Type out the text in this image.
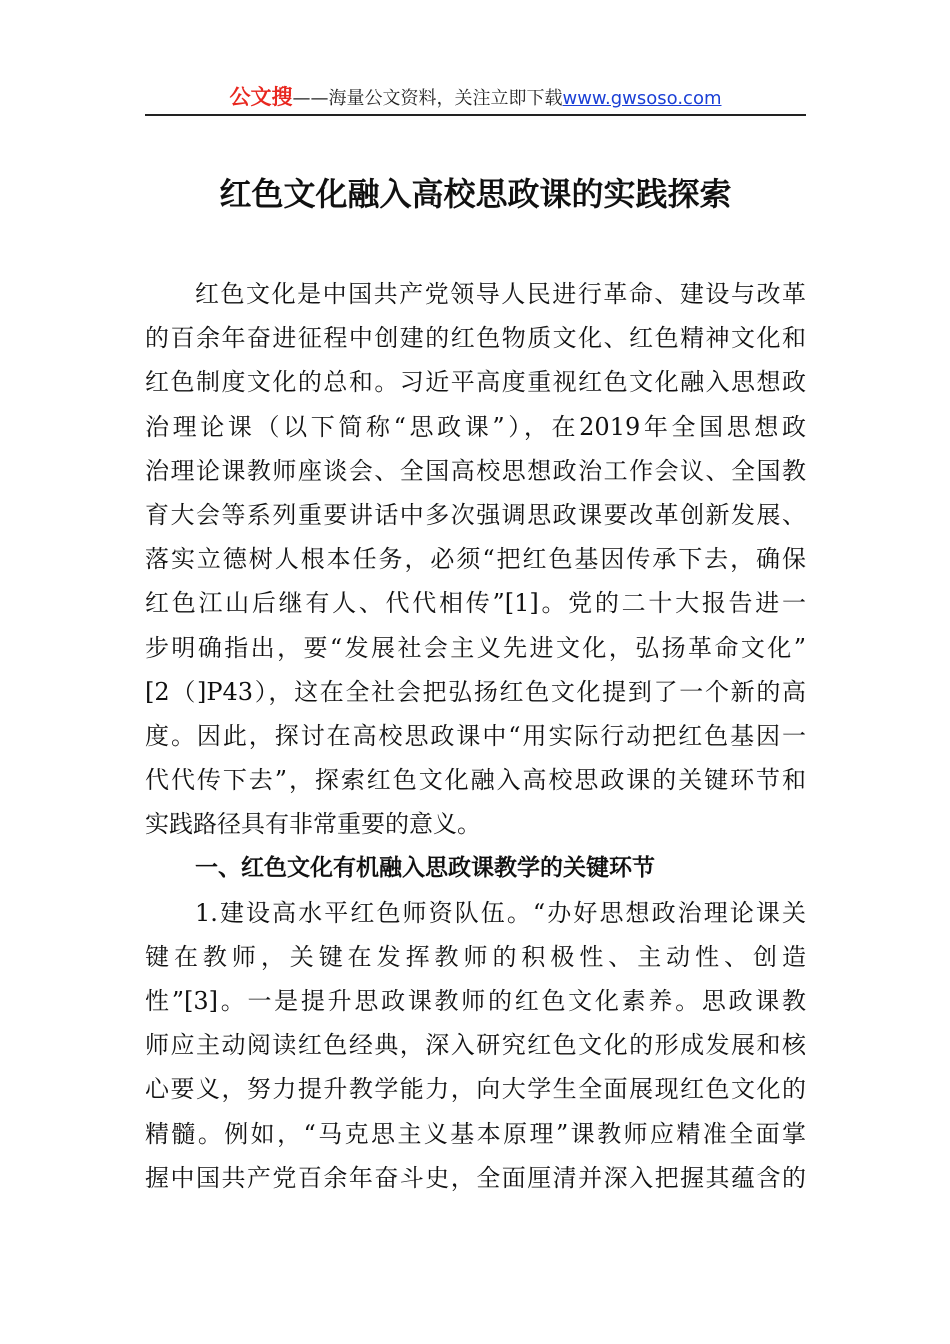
公文搜——海量公文资料，关注立即下载www.gwsoso.com
红色文化融入高校思政课的实践探索
红色文化是中国共产党领导人民进行革命、建设与改革
的百余年奋进征程中创建的红色物质文化、红色精神文化和
红色制度文化的总和。习近平高度重视红色文化融入思想政
治理论课（以下简称“思政课”），在2019年全国思想政
治理论课教师座谈会、全国高校思想政治工作会议、全国教
育大会等系列重要讲话中多次强调思政课要改革创新发展、
落实立德树人根本任务，必须“把红色基因传承下去，确保
红色江山后继有人、代代相传”[1]。党的二十大报告进一
步明确指出，要“发展社会主义先进文化，弘扬革命文化”
[2（]P43），这在全社会把弘扬红色文化提到了一个新的高
度。因此，探讨在高校思政课中“用实际行动把红色基因一
代代传下去”，探索红色文化融入高校思政课的关键环节和
实践路径具有非常重要的意义。
一、红色文化有机融入思政课教学的关键环节
1.建设高水平红色师资队伍。“办好思想政治理论课关
键在教师，关键在发挥教师的积极性、主动性、创造
性”[3]。一是提升思政课教师的红色文化素养。思政课教
师应主动阅读红色经典，深入研究红色文化的形成发展和核
心要义，努力提升教学能力，向大学生全面展现红色文化的
精髓。例如，“马克思主义基本原理”课教师应精准全面掌
握中国共产党百余年奋斗史，全面厘清并深入把握其蕴含的
